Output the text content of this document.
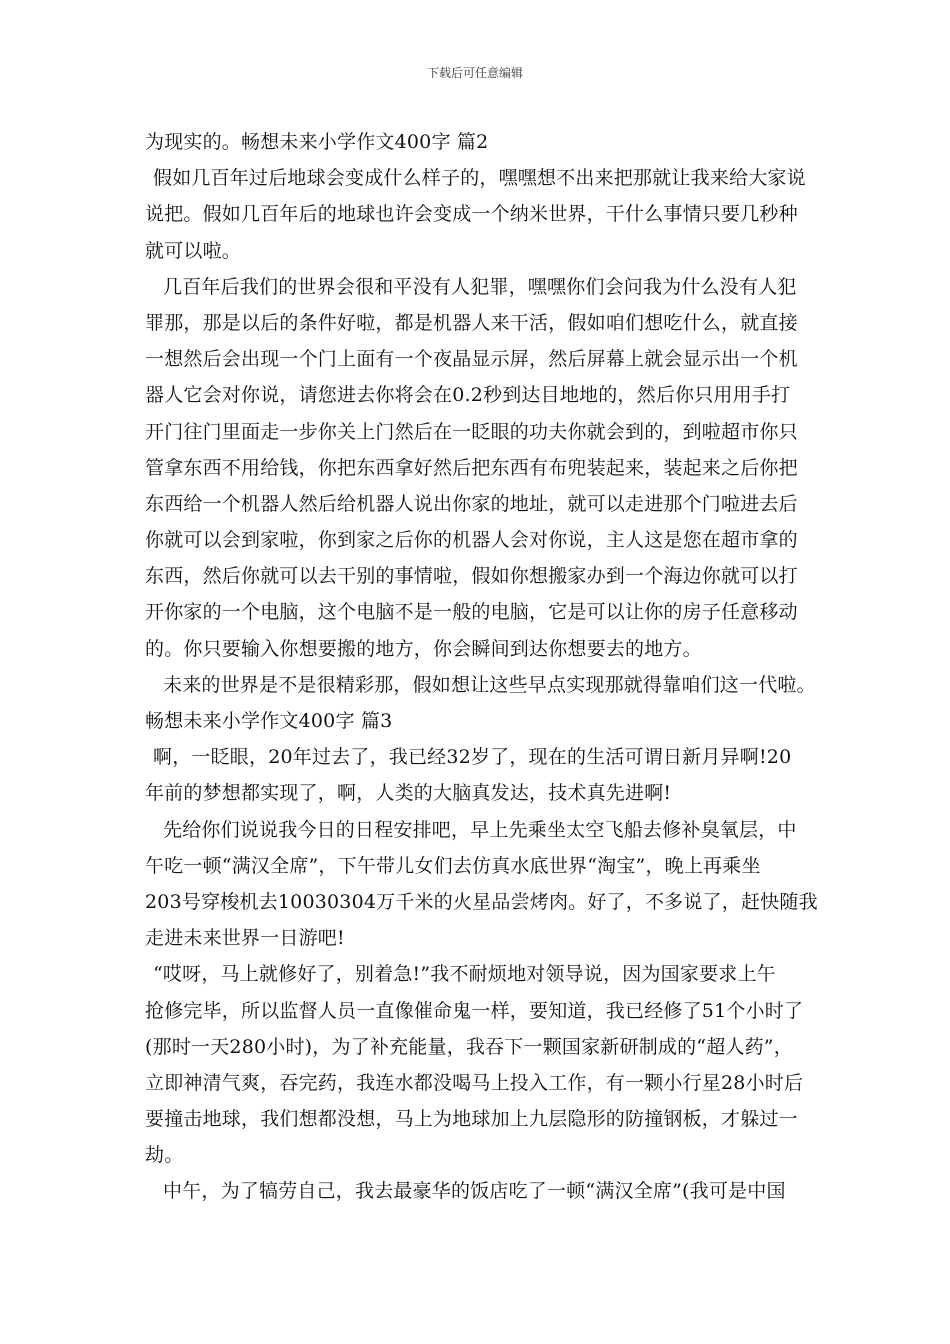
下载后可任意编辑
为现实的。畅想未来小学作文400字 篇2
假如几百年过后地球会变成什么样子的，嘿嘿想不出来把那就让我来给大家说
说把。假如几百年后的地球也许会变成一个纳米世界，干什么事情只要几秒种
就可以啦。
几百年后我们的世界会很和平没有人犯罪，嘿嘿你们会问我为什么没有人犯
罪那，那是以后的条件好啦，都是机器人来干活，假如咱们想吃什么，就直接
一想然后会出现一个门上面有一个夜晶显示屏，然后屏幕上就会显示出一个机
器人它会对你说，请您进去你将会在0.2秒到达目地地的，然后你只用用手打
开门往门里面走一步你关上门然后在一眨眼的功夫你就会到的，到啦超市你只
管拿东西不用给钱，你把东西拿好然后把东西有布兜装起来，装起来之后你把
东西给一个机器人然后给机器人说出你家的地址，就可以走进那个门啦进去后
你就可以会到家啦，你到家之后你的机器人会对你说，主人这是您在超市拿的
东西，然后你就可以去干别的事情啦，假如你想搬家办到一个海边你就可以打
开你家的一个电脑，这个电脑不是一般的电脑，它是可以让你的房子任意移动
的。你只要输入你想要搬的地方，你会瞬间到达你想要去的地方。
未来的世界是不是很精彩那，假如想让这些早点实现那就得靠咱们这一代啦。
畅想未来小学作文400字 篇3
啊，一眨眼，20年过去了，我已经32岁了，现在的生活可谓日新月异啊!20
年前的梦想都实现了，啊，人类的大脑真发达，技术真先进啊!
先给你们说说我今日的日程安排吧，早上先乘坐太空飞船去修补臭氧层，中
午吃一顿“满汉全席”，下午带儿女们去仿真水底世界“淘宝”，晚上再乘坐
203号穿梭机去10030304万千米的火星品尝烤肉。好了，不多说了，赶快随我
走进未来世界一日游吧!
“哎呀，马上就修好了，别着急!”我不耐烦地对领导说，因为国家要求上午
抢修完毕，所以监督人员一直像催命鬼一样，要知道，我已经修了51个小时了
(那时一天280小时)，为了补充能量，我吞下一颗国家新研制成的“超人药”，
立即神清气爽，吞完药，我连水都没喝马上投入工作，有一颗小行星28小时后
要撞击地球，我们想都没想，马上为地球加上九层隐形的防撞钢板，才躲过一
劫。
中午，为了犒劳自己，我去最豪华的饭店吃了一顿“满汉全席”(我可是中国
